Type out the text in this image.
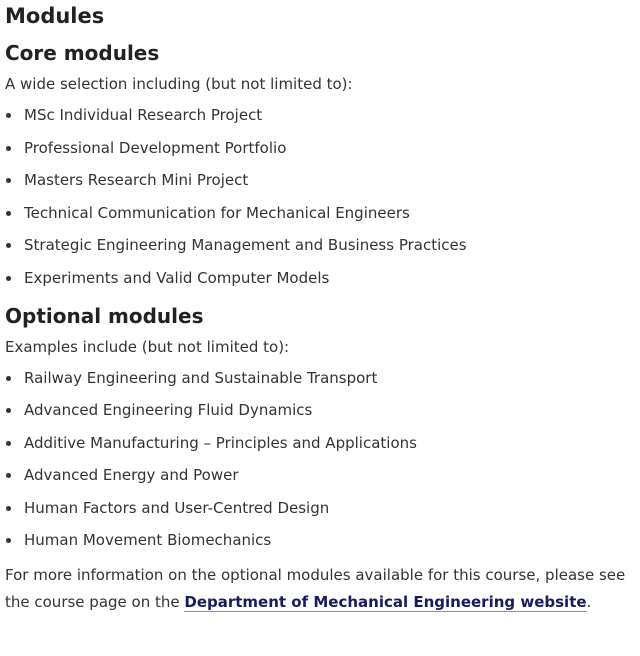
Modules
Core modules

A wide selection including (but not limited to):

MSc Individual Research Project
Professional Development Portfolio
Masters Research Mini Project
Technical Communication for Mechanical Engineers
Strategic Engineering Management and Business Practices
Experiments and Valid Computer Models
Optional modules

Examples include (but not limited to):

Railway Engineering and Sustainable Transport
Advanced Engineering Fluid Dynamics
Additive Manufacturing – Principles and Applications
Advanced Energy and Power
Human Factors and User-Centred Design
Human Movement Biomechanics

For more information on the optional modules available for this course, please see the course page on the Department of Mechanical Engineering website.
